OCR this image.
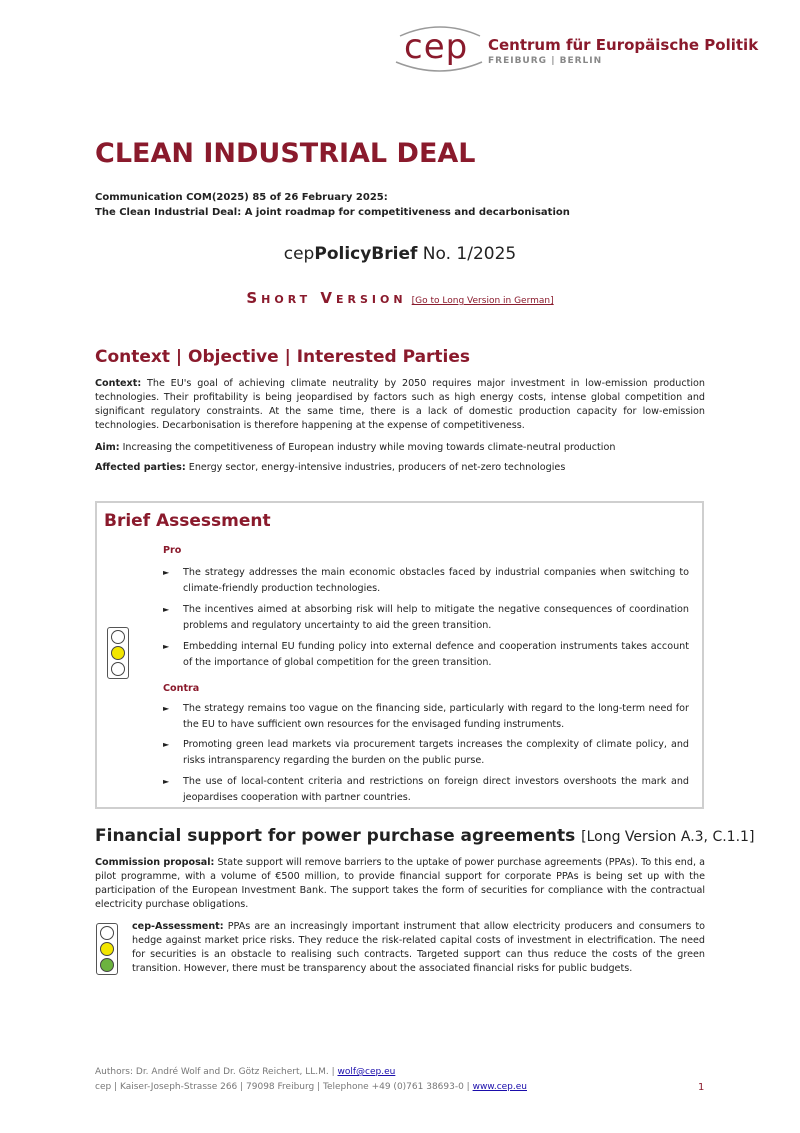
cep Centrum für Europäische Politik
FREIBURG | BERLIN
CLEAN INDUSTRIAL DEAL
Communication COM(2025) 85 of 26 February 2025:
The Clean Industrial Deal: A joint roadmap for competitiveness and decarbonisation
cepPolicyBrief No. 1/2025
Short Version [Go to Long Version in German]
Context | Objective | Interested Parties
Context: The EU's goal of achieving climate neutrality by 2050 requires major investment in low-emission production technologies. Their profitability is being jeopardised by factors such as high energy costs, intense global competition and significant regulatory constraints. At the same time, there is a lack of domestic production capacity for low-emission technologies. Decarbonisation is therefore happening at the expense of competitiveness.
Aim: Increasing the competitiveness of European industry while moving towards climate-neutral production
Affected parties: Energy sector, energy-intensive industries, producers of net-zero technologies
Brief Assessment
Pro
► The strategy addresses the main economic obstacles faced by industrial companies when switching to climate-friendly production technologies.
► The incentives aimed at absorbing risk will help to mitigate the negative consequences of coordination problems and regulatory uncertainty to aid the green transition.
► Embedding internal EU funding policy into external defence and cooperation instruments takes account of the importance of global competition for the green transition.
Contra
► The strategy remains too vague on the financing side, particularly with regard to the long-term need for the EU to have sufficient own resources for the envisaged funding instruments.
► Promoting green lead markets via procurement targets increases the complexity of climate policy, and risks intransparency regarding the burden on the public purse.
► The use of local-content criteria and restrictions on foreign direct investors overshoots the mark and jeopardises cooperation with partner countries.
Financial support for power purchase agreements [Long Version A.3, C.1.1]
Commission proposal: State support will remove barriers to the uptake of power purchase agreements (PPAs). To this end, a pilot programme, with a volume of €500 million, to provide financial support for corporate PPAs is being set up with the participation of the European Investment Bank. The support takes the form of securities for compliance with the contractual electricity purchase obligations.
cep-Assessment: PPAs are an increasingly important instrument that allow electricity producers and consumers to hedge against market price risks. They reduce the risk-related capital costs of investment in electrification. The need for securities is an obstacle to realising such contracts. Targeted support can thus reduce the costs of the green transition. However, there must be transparency about the associated financial risks for public budgets.
Authors: Dr. André Wolf and Dr. Götz Reichert, LL.M. | wolf@cep.eu
cep | Kaiser-Joseph-Strasse 266 | 79098 Freiburg | Telephone +49 (0)761 38693-0 | www.cep.eu	1
